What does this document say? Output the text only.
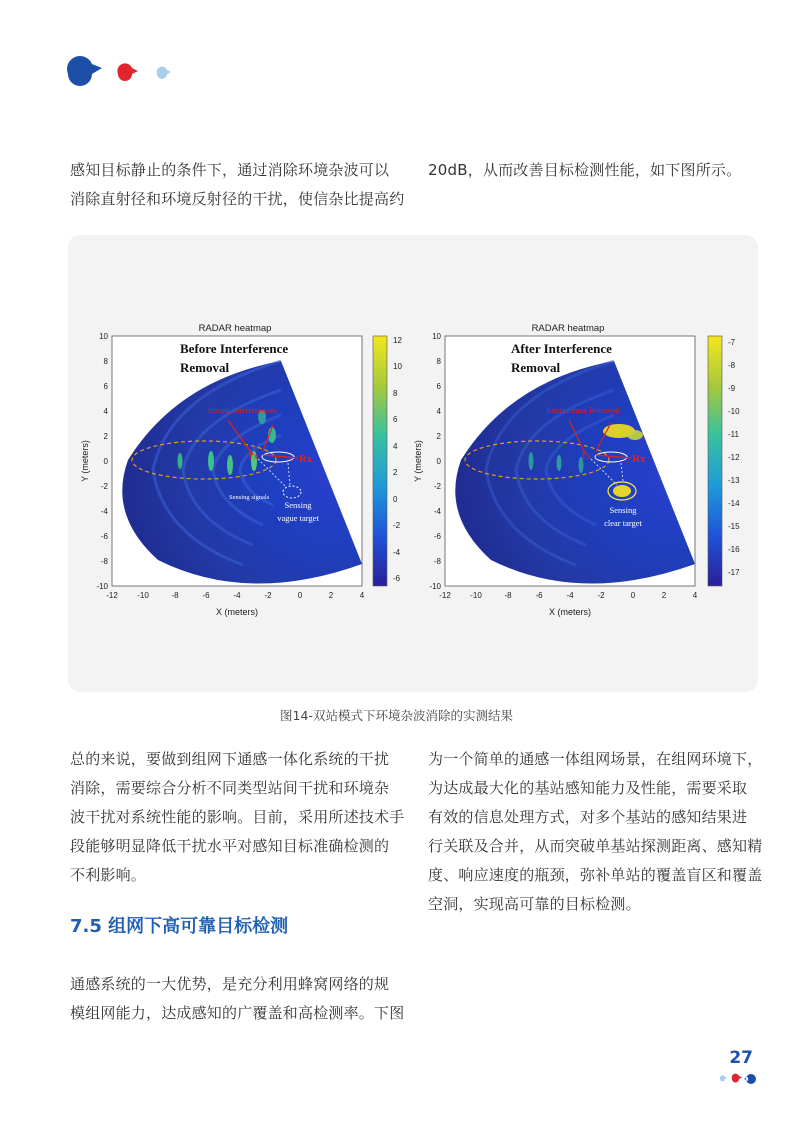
感知目标静止的条件下，通过消除环境杂波可以
消除直射径和环境反射径的干扰，使信杂比提高约
20dB，从而改善目标检测性能，如下图所示。
RADAR heatmap
Before Interference
Removal
Strong interferences
Tx	Rx
Sensing signals
Sensing
vague target
10
8
6
4
2
0
-2
-4
-6
-8
-10
-12 -10	-8	-6	-4	-2	0	2	4
X (meters)
Y (meters)
12
10
8
6
4
2
0
-2
-4
-6
RADAR heatmap
After Interference
Removal
Interference Removal
Tx	Rx
Sensing
clear target
10
8
6
4
2
0
-2
-4
-6
-8
-10
-12 -10	-8	-6	-4	-2	0	2	4
X (meters)
Y (meters)
-7
-8
-9
-10
-11
-12
-13
-14
-15
-16
-17
图14-双站模式下环境杂波消除的实测结果
总的来说，要做到组网下通感一体化系统的干扰
消除，需要综合分析不同类型站间干扰和环境杂
波干扰对系统性能的影响。目前，采用所述技术手
段能够明显降低干扰水平对感知目标准确检测的
不利影响。
为一个简单的通感一体组网场景，在组网环境下，
为达成最大化的基站感知能力及性能，需要采取
有效的信息处理方式，对多个基站的感知结果进
行关联及合并，从而突破单基站探测距离、感知精
度、响应速度的瓶颈，弥补单站的覆盖盲区和覆盖
空洞，实现高可靠的目标检测。
7.5 组网下高可靠目标检测
通感系统的一大优势，是充分利用蜂窝网络的规
模组网能力，达成感知的广覆盖和高检测率。下图
27
